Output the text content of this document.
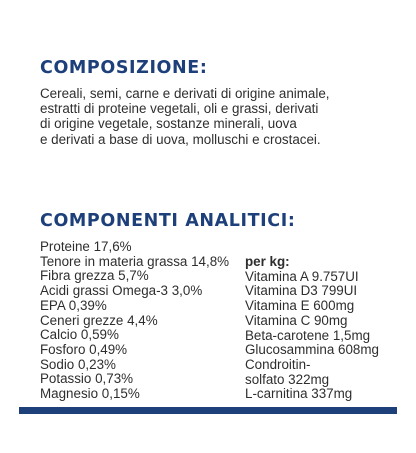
COMPOSIZIONE:

Cereali, semi, carne e derivati di origine animale,
estratti di proteine vegetali, oli e grassi, derivati
di origine vegetale, sostanze minerali, uova
e derivati a base di uova, molluschi e crostacei.

COMPONENTI ANALITICI:
Proteine 17,6%
Tenore in materia grassa 14,8%
Fibra grezza 5,7%
Acidi grassi Omega-3 3,0%
EPA 0,39%
Ceneri grezze 4,4%
Calcio 0,59%
Fosforo 0,49%
Sodio 0,23%
Potassio 0,73%
Magnesio 0,15%
per kg:
Vitamina A 9.757UI
Vitamina D3 799UI
Vitamina E 600mg
Vitamina C 90mg
Beta-carotene 1,5mg
Glucosammina 608mg
Condroitin-
solfato 322mg
L-carnitina 337mg
